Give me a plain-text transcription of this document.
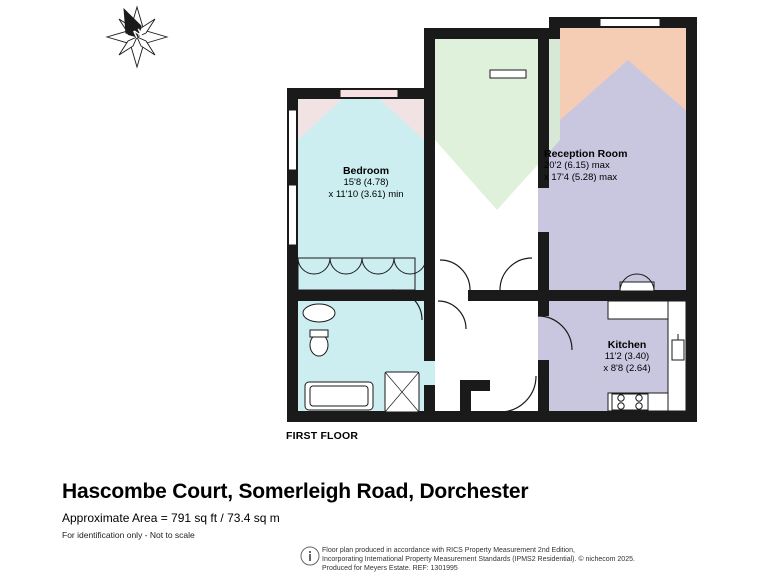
N
Bedroom
15'8 (4.78)
x 11'10 (3.61) min
Reception Room
20'2 (6.15) max
x 17'4 (5.28) max
Kitchen
11'2 (3.40)
x 8'8 (2.64)
FIRST FLOOR
Hascombe Court, Somerleigh Road, Dorchester
Approximate Area = 791 sq ft / 73.4 sq m
For identification only - Not to scale
Floor plan produced in accordance with RICS Property Measurement 2nd Edition,
Incorporating International Property Measurement Standards (IPMS2 Residential). © nichecom 2025.
Produced for Meyers Estate. REF: 1301995
